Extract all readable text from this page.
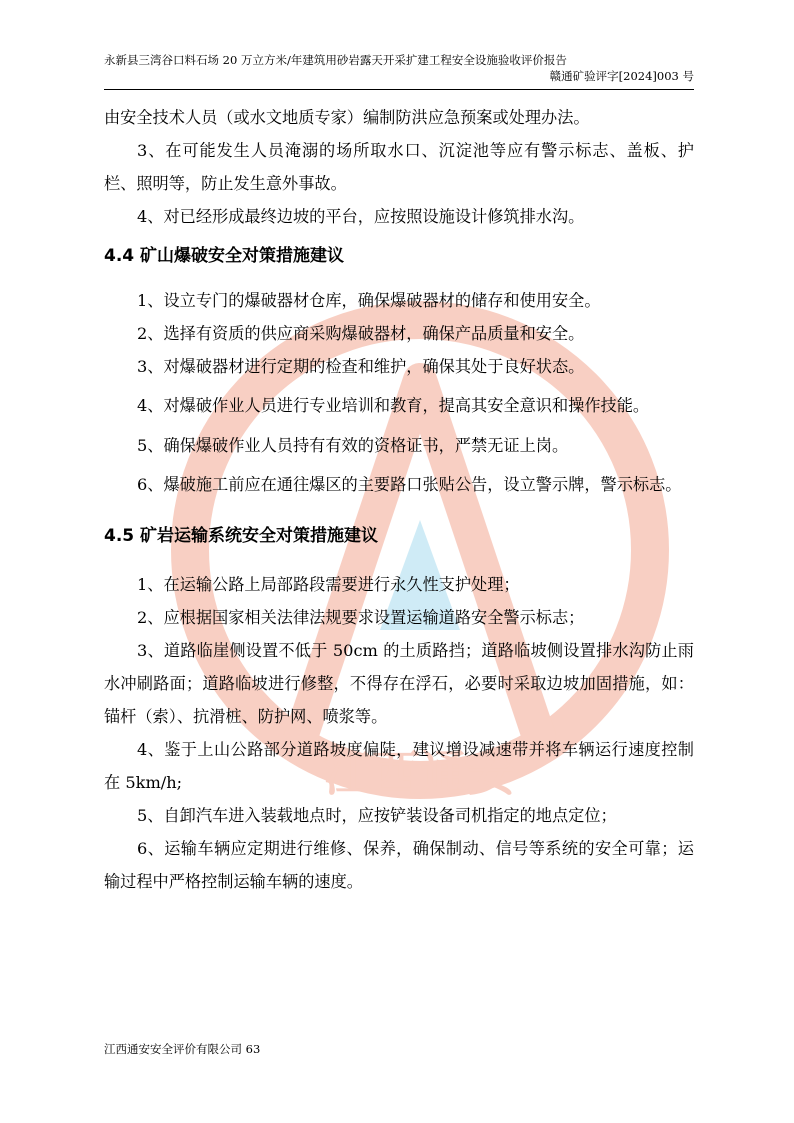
江西通安
永新县三湾谷口料石场 20 万立方米/年建筑用砂岩露天开采扩建工程安全设施验收评价报告
赣通矿验评字[2024]003 号

由安全技术人员（或水文地质专家）编制防洪应急预案或处理办法。

3、在可能发生人员淹溺的场所取水口、沉淀池等应有警示标志、盖板、护栏、照明等，防止发生意外事故。

4、对已经形成最终边坡的平台，应按照设施设计修筑排水沟。

4.4 矿山爆破安全对策措施建议

1、设立专门的爆破器材仓库，确保爆破器材的储存和使用安全。

2、选择有资质的供应商采购爆破器材，确保产品质量和安全。

3、对爆破器材进行定期的检查和维护，确保其处于良好状态。

4、对爆破作业人员进行专业培训和教育，提高其安全意识和操作技能。

5、确保爆破作业人员持有有效的资格证书，严禁无证上岗。

6、爆破施工前应在通往爆区的主要路口张贴公告，设立警示牌，警示标志。

4.5 矿岩运输系统安全对策措施建议

1、在运输公路上局部路段需要进行永久性支护处理；

2、应根据国家相关法律法规要求设置运输道路安全警示标志；

3、道路临崖侧设置不低于 50cm 的土质路挡；道路临坡侧设置排水沟防止雨水冲刷路面；道路临坡进行修整，不得存在浮石，必要时采取边坡加固措施，如：锚杆（索）、抗滑桩、防护网、喷浆等。

4、鉴于上山公路部分道路坡度偏陡，建议增设减速带并将车辆运行速度控制在 5km/h;

5、自卸汽车进入装载地点时，应按铲装设备司机指定的地点定位；

6、运输车辆应定期进行维修、保养，确保制动、信号等系统的安全可靠；运输过程中严格控制运输车辆的速度。

江西通安安全评价有限公司 63
